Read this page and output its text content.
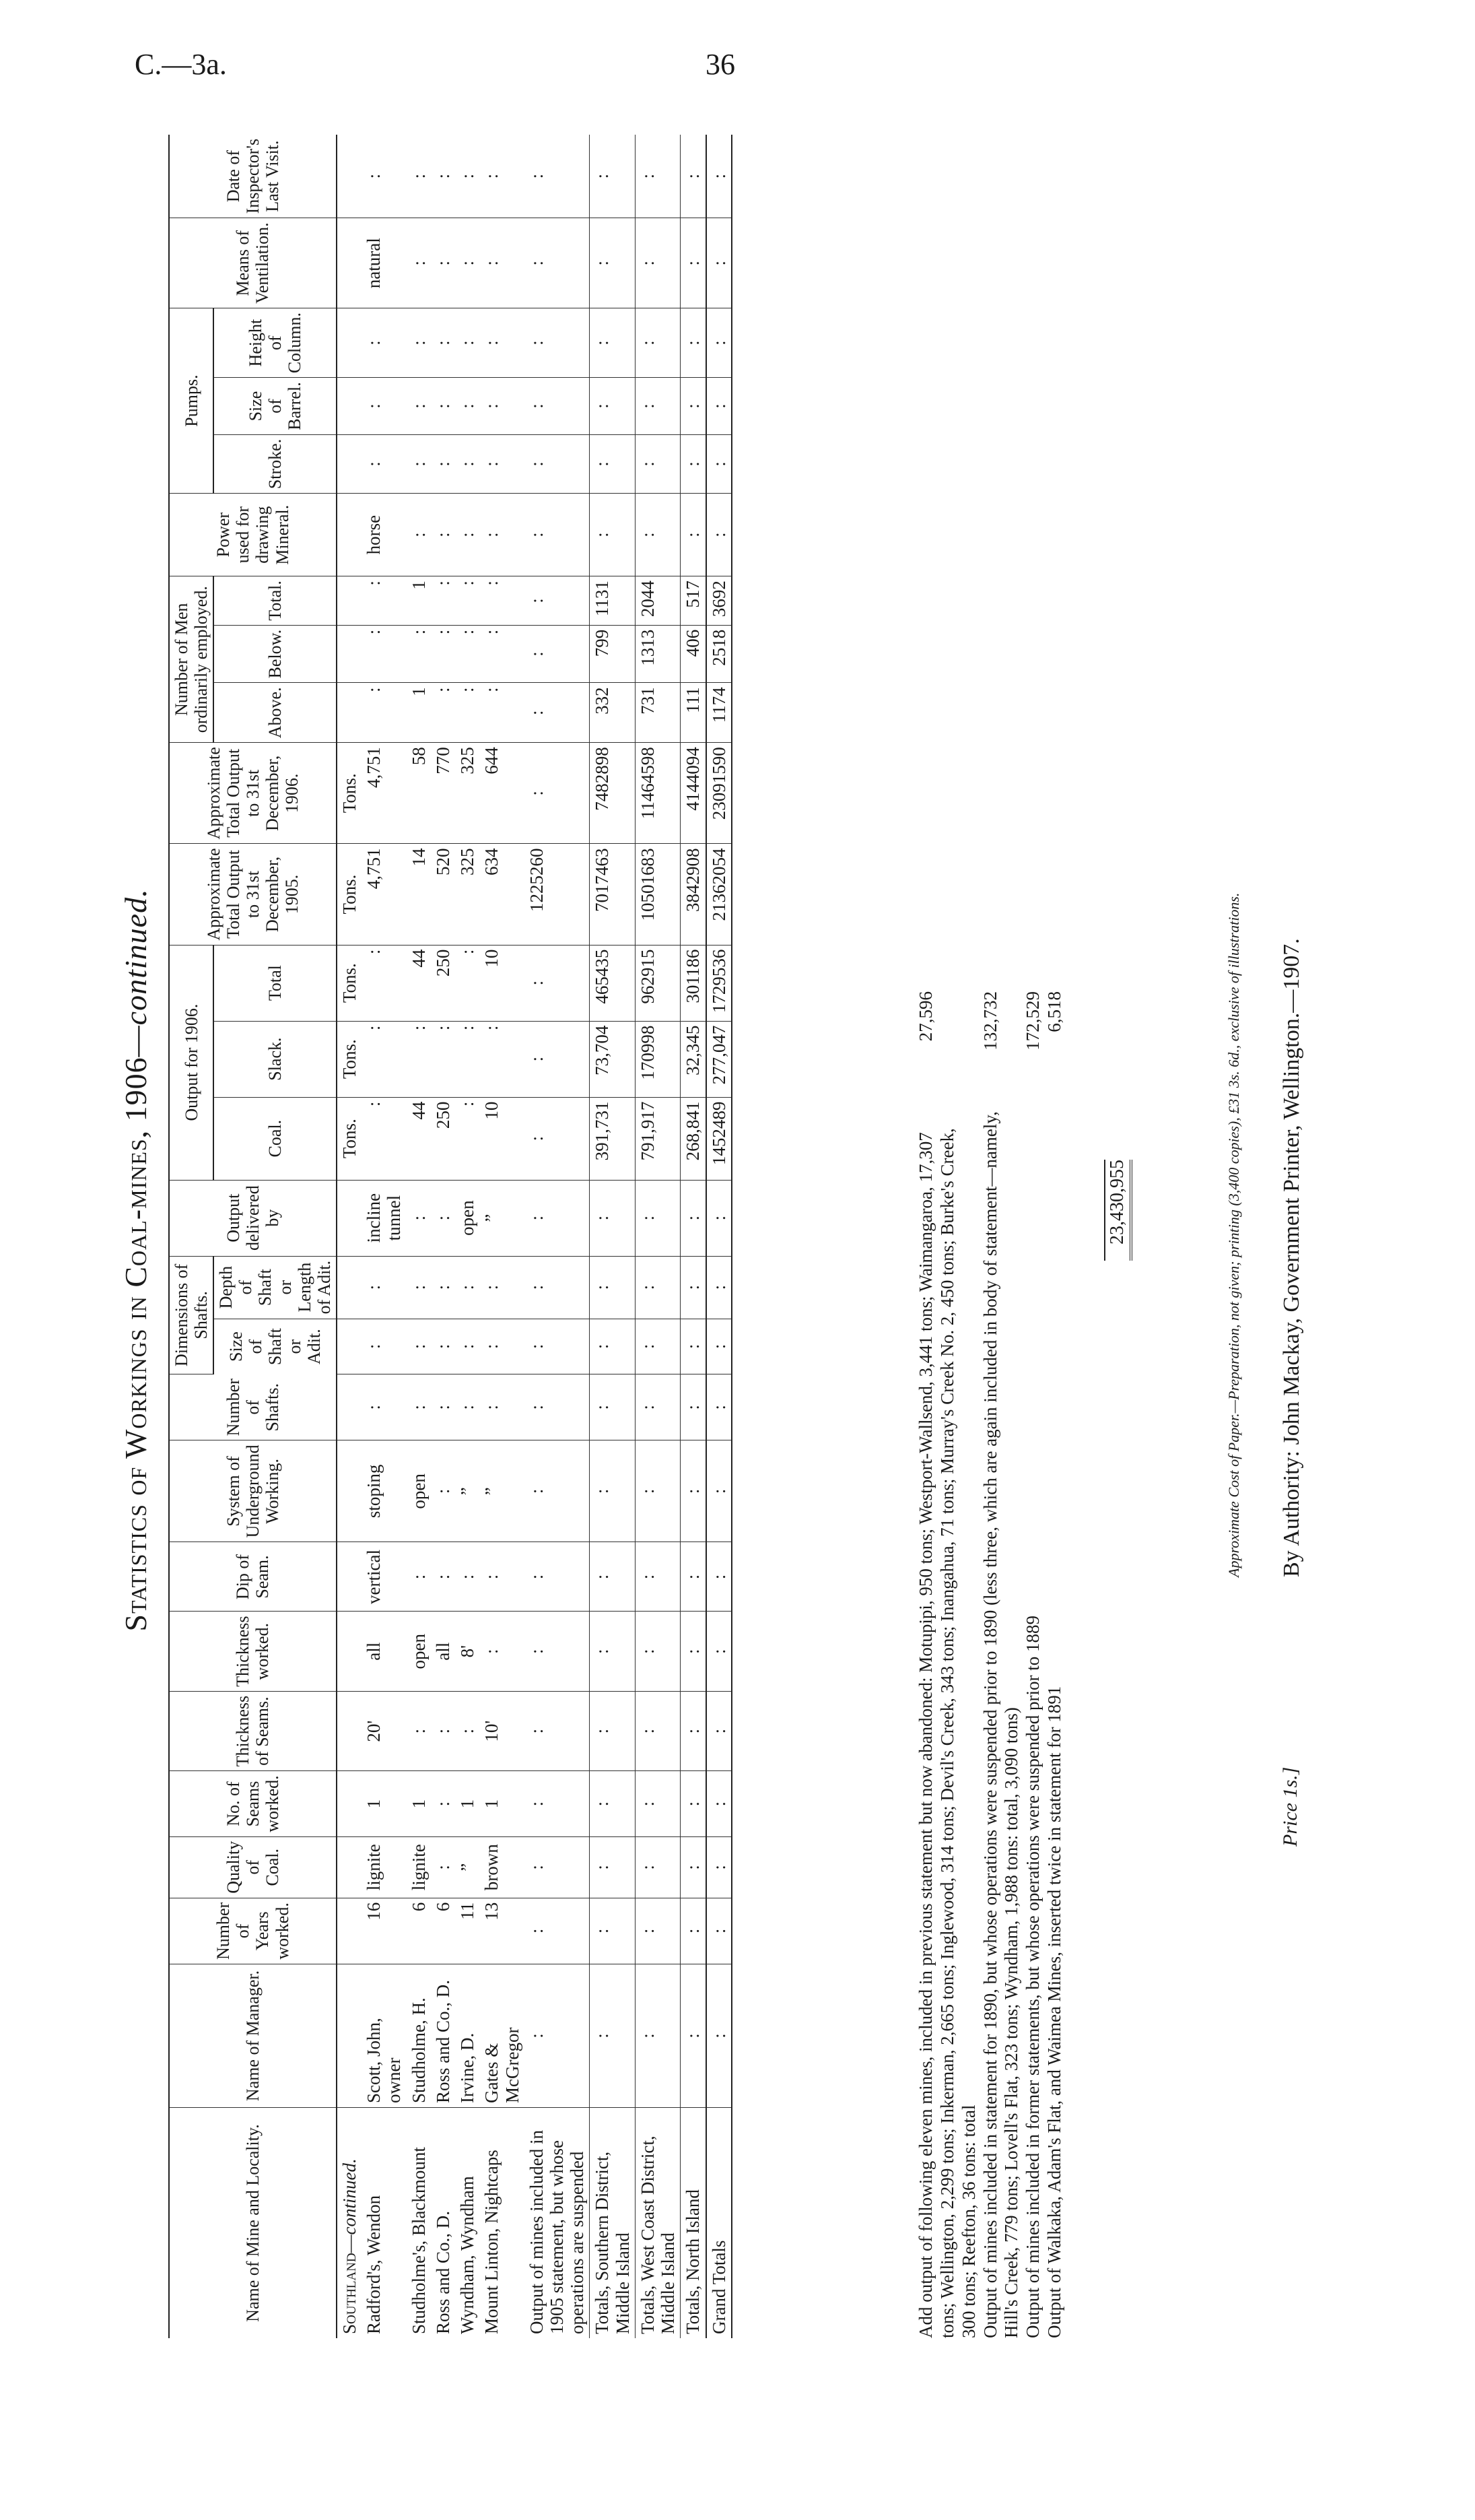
C.—3a.	36
Statistics of Workings in Coal-mines, 1906—continued.
Name of Mine and Locality.	Name of Manager.	Number of Years worked.	Quality of Coal.	No. of Seams worked.	Thickness of Seams.	Thickness worked.	Dip of Seam.	System of Underground Working.	Number of Shafts.	Dimensions of Shafts.		Output delivered by	Output for 1906.			Approximate Total Output to 31st December, 1905.	Approximate Total Output to 31st December, 1906.	Number of Men ordinarily employed.			Power used for drawing Mineral.	Pumps.			Means of Ventilation.	Date of Inspector's Last Visit.
										Size of Shaft or Adit.	Depth of Shaft or Length of Adit.		Coal.	Slack.	Total			Above.	Below.	Total.		Stroke.	Size of Barrel.	Height of Column.		
Southland—continued.													Tons.	Tons.	Tons.	Tons.	Tons.									
Radford's, Wendon	Scott, John, owner	16	lignite	1	20'	all	vertical	stoping	:	:	:	incline tunnel	:	:	:	4,751	4,751	:	:	:	horse	:	:	:	natural	:
Studholme's, Blackmount	Studholme, H.	6	lignite	1	:	open	:	open	:	:	:	:	44	:	44	14	58	1	:	1	:	:	:	:	:	:
Ross and Co., D.	Ross and Co., D.	6	:	:	:	all	:	:	:	:	:	:	250	:	250	520	770	:	:	:	:	:	:	:	:	:
Wyndham, Wyndham	Irvine, D.	11	”	1	:	8'	:	”	:	:	:	open	:	:	:	325	325	:	:	:	:	:	:	:	:	:
Mount Linton, Nightcaps	Gates & McGregor	13	brown	1	10'	:	:	”	:	:	:	”	10	:	10	634	644	:	:	:	:	:	:	:	:	:
Output of mines included in 1905 statement, but whose operations are suspended	:	:	:	:	:	:	:	:	:	:	:	:	:	:	:	1225260	:	:	:	:	:	:	:	:	:	:
Totals, Southern District, Middle Island	:	:	:	:	:	:	:	:	:	:	:	:	391,731	73,704	465435	7017463	7482898	332	799	1131	:	:	:	:	:	:
Totals, West Coast District, Middle Island	:	:	:	:	:	:	:	:	:	:	:	:	791,917	170998	962915	10501683	11464598	731	1313	2044	:	:	:	:	:	:
Totals, North Island	:	:	:	:	:	:	:	:	:	:	:	:	268,841	32,345	301186	3842908	4144094	111	406	517	:	:	:	:	:	:
Grand Totals	:	:	:	:	:	:	:	:	:	:	:	:	1452489	277,047	1729536	21362054	23091590	1174	2518	3692	:	:	:	:	:	:
Add output of following eleven mines, included in previous statement but now abandoned: Motupipi, 950 tons; Westport-Wallsend, 3,441 tons; Waimangaroa, 17,307 tons; Wellington, 2,299 tons; Inkerman, 2,665 tons; Inglewood, 314 tons; Devil's Creek, 343 tons; Inangahua, 71 tons; Murray's Creek No. 2, 450 tons; Burke's Creek, 300 tons; Reefton, 36 tons: total
27,596
Output of mines included in statement for 1890, but whose operations were suspended prior to 1890 (less three, which are again included in body of statement—namely, Hill's Creek, 779 tons; Lovell's Flat, 323 tons; Wyndham, 1,988 tons: total, 3,090 tons)
132,732
Output of mines included in former statements, but whose operations were suspended prior to 1889
172,529
Output of Walkaka, Adam's Flat, and Waimea Mines, inserted twice in statement for 1891
6,518
23,430,955	Approximate Cost of Paper.—Preparation, not given; printing (3,400 copies), £31 3s. 6d., exclusive of illustrations.
Price 1s.]
By Authority: John Mackay, Government Printer, Wellington.—1907.
